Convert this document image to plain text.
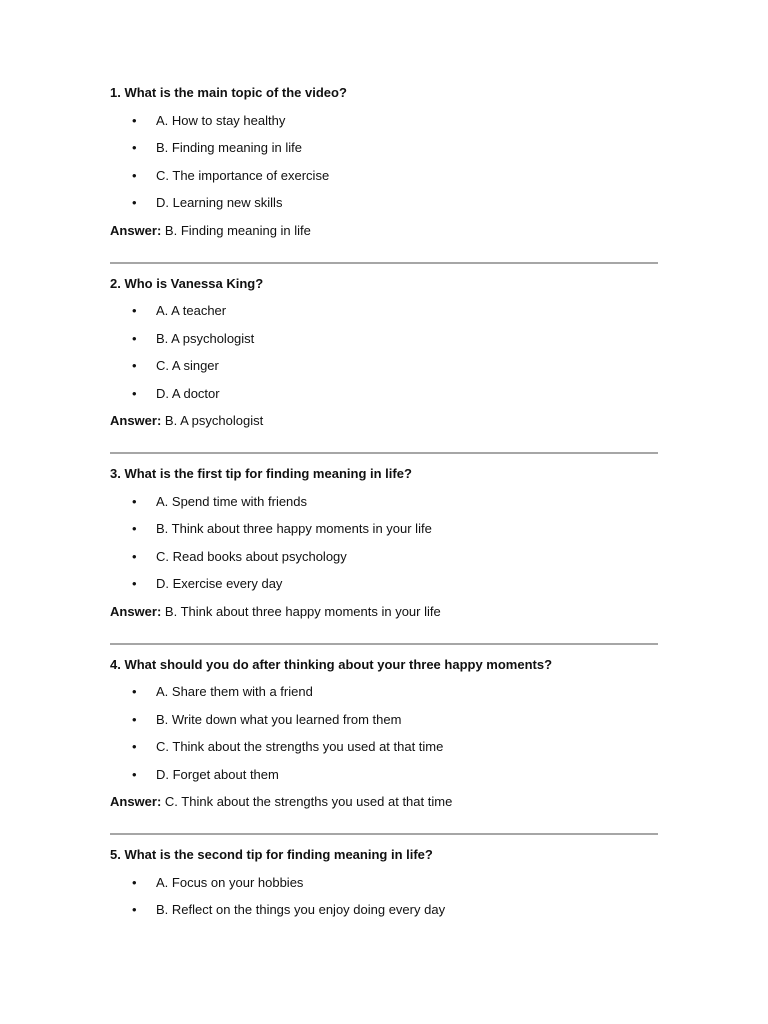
1. What is the main topic of the video?

• A. How to stay healthy
• B. Finding meaning in life
• C. The importance of exercise
• D. Learning new skills

Answer: B. Finding meaning in life

2. Who is Vanessa King?

• A. A teacher
• B. A psychologist
• C. A singer
• D. A doctor

Answer: B. A psychologist

3. What is the first tip for finding meaning in life?

• A. Spend time with friends
• B. Think about three happy moments in your life
• C. Read books about psychology
• D. Exercise every day

Answer: B. Think about three happy moments in your life

4. What should you do after thinking about your three happy moments?

• A. Share them with a friend
• B. Write down what you learned from them
• C. Think about the strengths you used at that time
• D. Forget about them

Answer: C. Think about the strengths you used at that time

5. What is the second tip for finding meaning in life?

• A. Focus on your hobbies
• B. Reflect on the things you enjoy doing every day
